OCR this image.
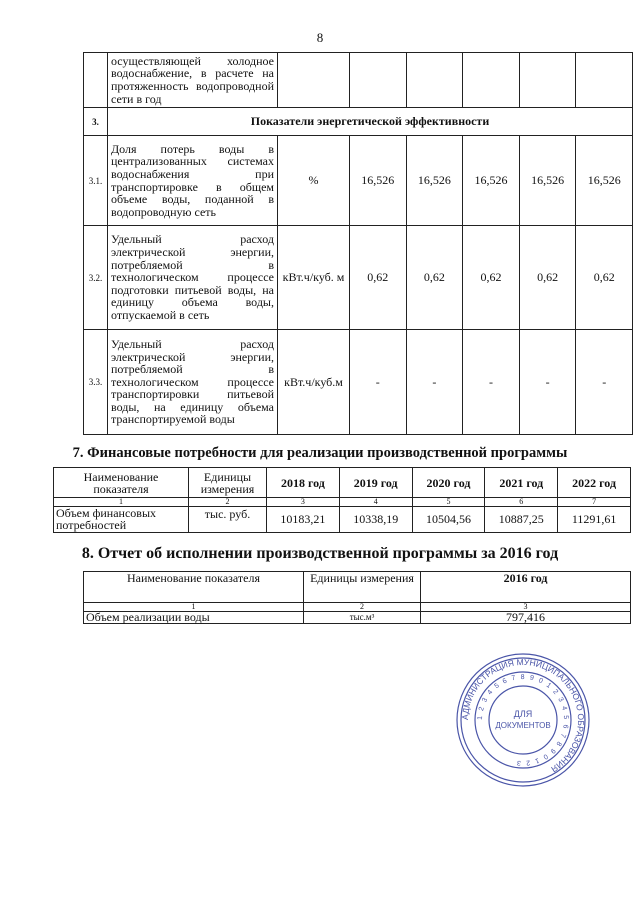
8
	осуществляющей холодное водоснабжение, в расчете на протяженность водопроводной сети в год						
3.	Показатели энергетической эффективности						
3.1.	Доля потерь воды в централизованных системах водоснабжения при транспортировке в общем объеме воды, поданной в водопроводную сеть	%	16,526	16,526	16,526	16,526	16,526
3.2.	Удельный расход электрической энергии, потребляемой в технологическом процессе подготовки питьевой воды, на единицу объема воды, отпускаемой в сеть	кВт.ч/куб. м	0,62	0,62	0,62	0,62	0,62
3.3.	Удельный расход электрической энергии, потребляемой в технологическом процессе транспортировки питьевой воды, на единицу объема транспортируемой воды	кВт.ч/куб.м	-	-	-	-	-
7. Финансовые потребности для реализации производственной программы
Наименование показателя	Единицы измерения	2018 год	2019 год	2020 год	2021 год	2022 год
1	2	3	4	5	6	7
Объем финансовых потребностей	тыс. руб.	10183,21	10338,19	10504,56	10887,25	11291,61
8. Отчет об исполнении производственной программы за 2016 год
Наименование показателя	Единицы измерения	2016 год
1	2	3
Объем реализации воды	тыс.м³	797,416
АДМИНИСТРАЦИЯ МУНИЦИПАЛЬНОГО ОБРАЗОВАНИЯ
1 2 3 4 5 6 7 8 9 0 1 2 3 4 5 6 7 8 9 0 1 2 3
ДЛЯ
ДОКУМЕНТОВ
